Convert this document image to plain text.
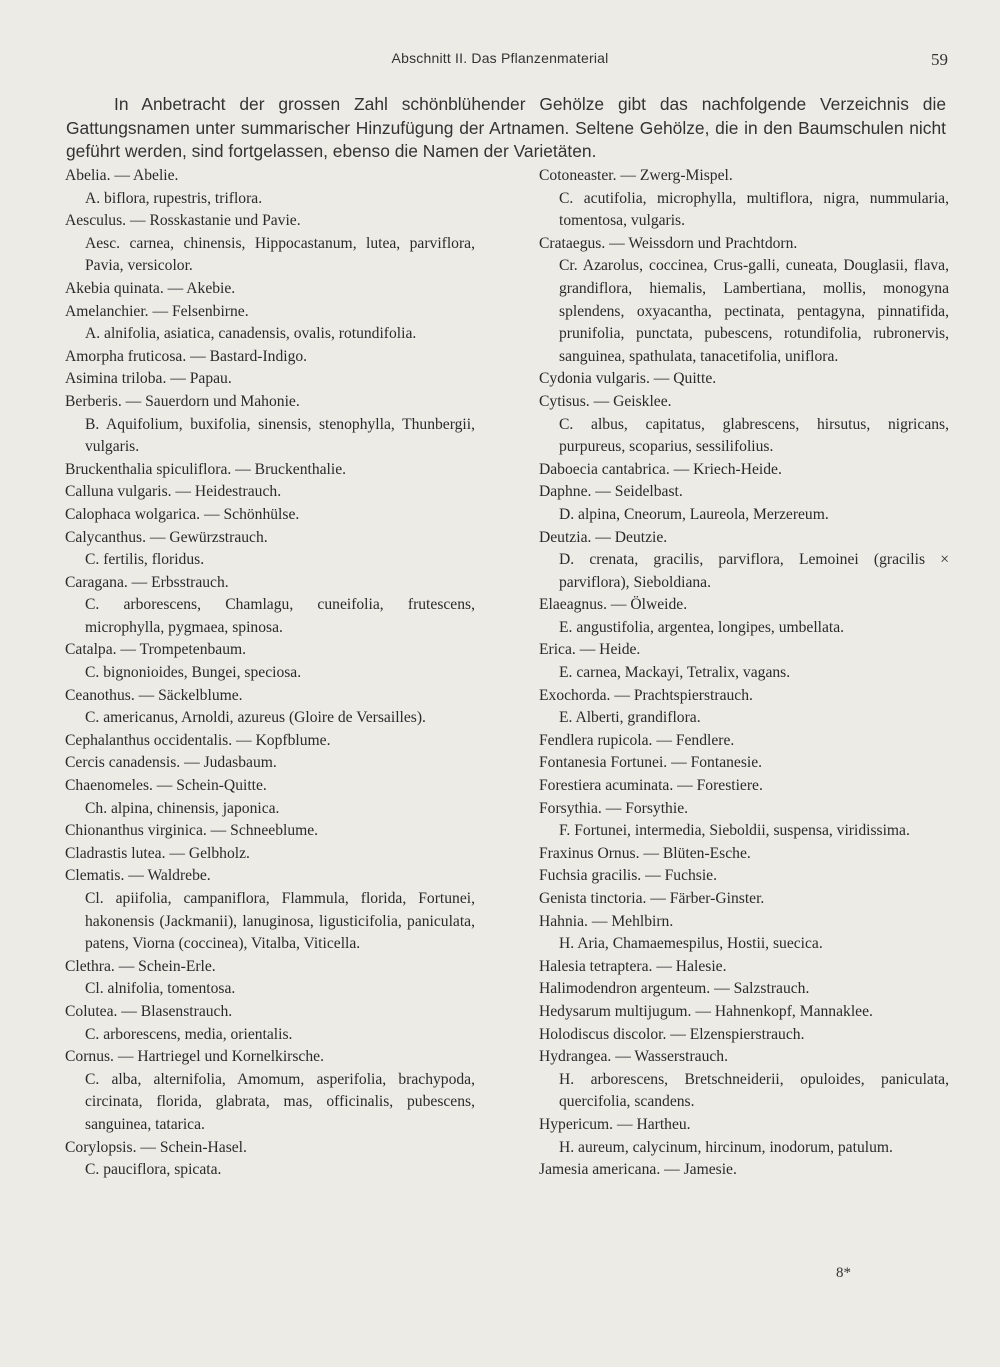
Abschnitt II. Das Pflanzenmaterial	59

In Anbetracht der grossen Zahl schönblühender Gehölze gibt das nachfolgende Verzeichnis die Gattungsnamen unter summarischer Hinzufügung der Artnamen. Seltene Gehölze, die in den Baumschulen nicht geführt werden, sind fortgelassen, ebenso die Namen der Varietäten.

Abelia. — Abelie.
A. biflora, rupestris, triflora.
Aesculus. — Rosskastanie und Pavie.
Aesc. carnea, chinensis, Hippocastanum, lutea, parviflora, Pavia, versicolor.
Akebia quinata. — Akebie.
Amelanchier. — Felsenbirne.
A. alnifolia, asiatica, canadensis, ovalis, rotundifolia.
Amorpha fruticosa. — Bastard-Indigo.
Asimina triloba. — Papau.
Berberis. — Sauerdorn und Mahonie.
B. Aquifolium, buxifolia, sinensis, stenophylla, Thunbergii, vulgaris.
Bruckenthalia spiculiflora. — Bruckenthalie.
Calluna vulgaris. — Heidestrauch.
Calophaca wolgarica. — Schönhülse.
Calycanthus. — Gewürzstrauch.
C. fertilis, floridus.
Caragana. — Erbsstrauch.
C. arborescens, Chamlagu, cuneifolia, frutescens, microphylla, pygmaea, spinosa.
Catalpa. — Trompetenbaum.
C. bignonioides, Bungei, speciosa.
Ceanothus. — Säckelblume.
C. americanus, Arnoldi, azureus (Gloire de Versailles).
Cephalanthus occidentalis. — Kopfblume.
Cercis canadensis. — Judasbaum.
Chaenomeles. — Schein-Quitte.
Ch. alpina, chinensis, japonica.
Chionanthus virginica. — Schneeblume.
Cladrastis lutea. — Gelbholz.
Clematis. — Waldrebe.
Cl. apiifolia, campaniflora, Flammula, florida, Fortunei, hakonensis (Jackmanii), lanuginosa, ligusticifolia, paniculata, patens, Viorna (coccinea), Vitalba, Viticella.
Clethra. — Schein-Erle.
Cl. alnifolia, tomentosa.
Colutea. — Blasenstrauch.
C. arborescens, media, orientalis.
Cornus. — Hartriegel und Kornelkirsche.
C. alba, alternifolia, Amomum, asperifolia, brachypoda, circinata, florida, glabrata, mas, officinalis, pubescens, sanguinea, tatarica.
Corylopsis. — Schein-Hasel.
C. pauciflora, spicata.
Cotoneaster. — Zwerg-Mispel.
C. acutifolia, microphylla, multiflora, nigra, nummularia, tomentosa, vulgaris.
Crataegus. — Weissdorn und Prachtdorn.
Cr. Azarolus, coccinea, Crus-galli, cuneata, Douglasii, flava, grandiflora, hiemalis, Lambertiana, mollis, monogyna splendens, oxyacantha, pectinata, pentagyna, pinnatifida, prunifolia, punctata, pubescens, rotundifolia, rubronervis, sanguinea, spathulata, tanacetifolia, uniflora.
Cydonia vulgaris. — Quitte.
Cytisus. — Geisklee.
C. albus, capitatus, glabrescens, hirsutus, nigricans, purpureus, scoparius, sessilifolius.
Daboecia cantabrica. — Kriech-Heide.
Daphne. — Seidelbast.
D. alpina, Cneorum, Laureola, Merzereum.
Deutzia. — Deutzie.
D. crenata, gracilis, parviflora, Lemoinei (gracilis × parviflora), Sieboldiana.
Elaeagnus. — Ölweide.
E. angustifolia, argentea, longipes, umbellata.
Erica. — Heide.
E. carnea, Mackayi, Tetralix, vagans.
Exochorda. — Prachtspierstrauch.
E. Alberti, grandiflora.
Fendlera rupicola. — Fendlere.
Fontanesia Fortunei. — Fontanesie.
Forestiera acuminata. — Forestiere.
Forsythia. — Forsythie.
F. Fortunei, intermedia, Sieboldii, suspensa, viridissima.
Fraxinus Ornus. — Blüten-Esche.
Fuchsia gracilis. — Fuchsie.
Genista tinctoria. — Färber-Ginster.
Hahnia. — Mehlbirn.
H. Aria, Chamaemespilus, Hostii, suecica.
Halesia tetraptera. — Halesie.
Halimodendron argenteum. — Salzstrauch.
Hedysarum multijugum. — Hahnenkopf, Mannaklee.
Holodiscus discolor. — Elzenspierstrauch.
Hydrangea. — Wasserstrauch.
H. arborescens, Bretschneiderii, opuloides, paniculata, quercifolia, scandens.
Hypericum. — Hartheu.
H. aureum, calycinum, hircinum, inodorum, patulum.
Jamesia americana. — Jamesie.
8*
